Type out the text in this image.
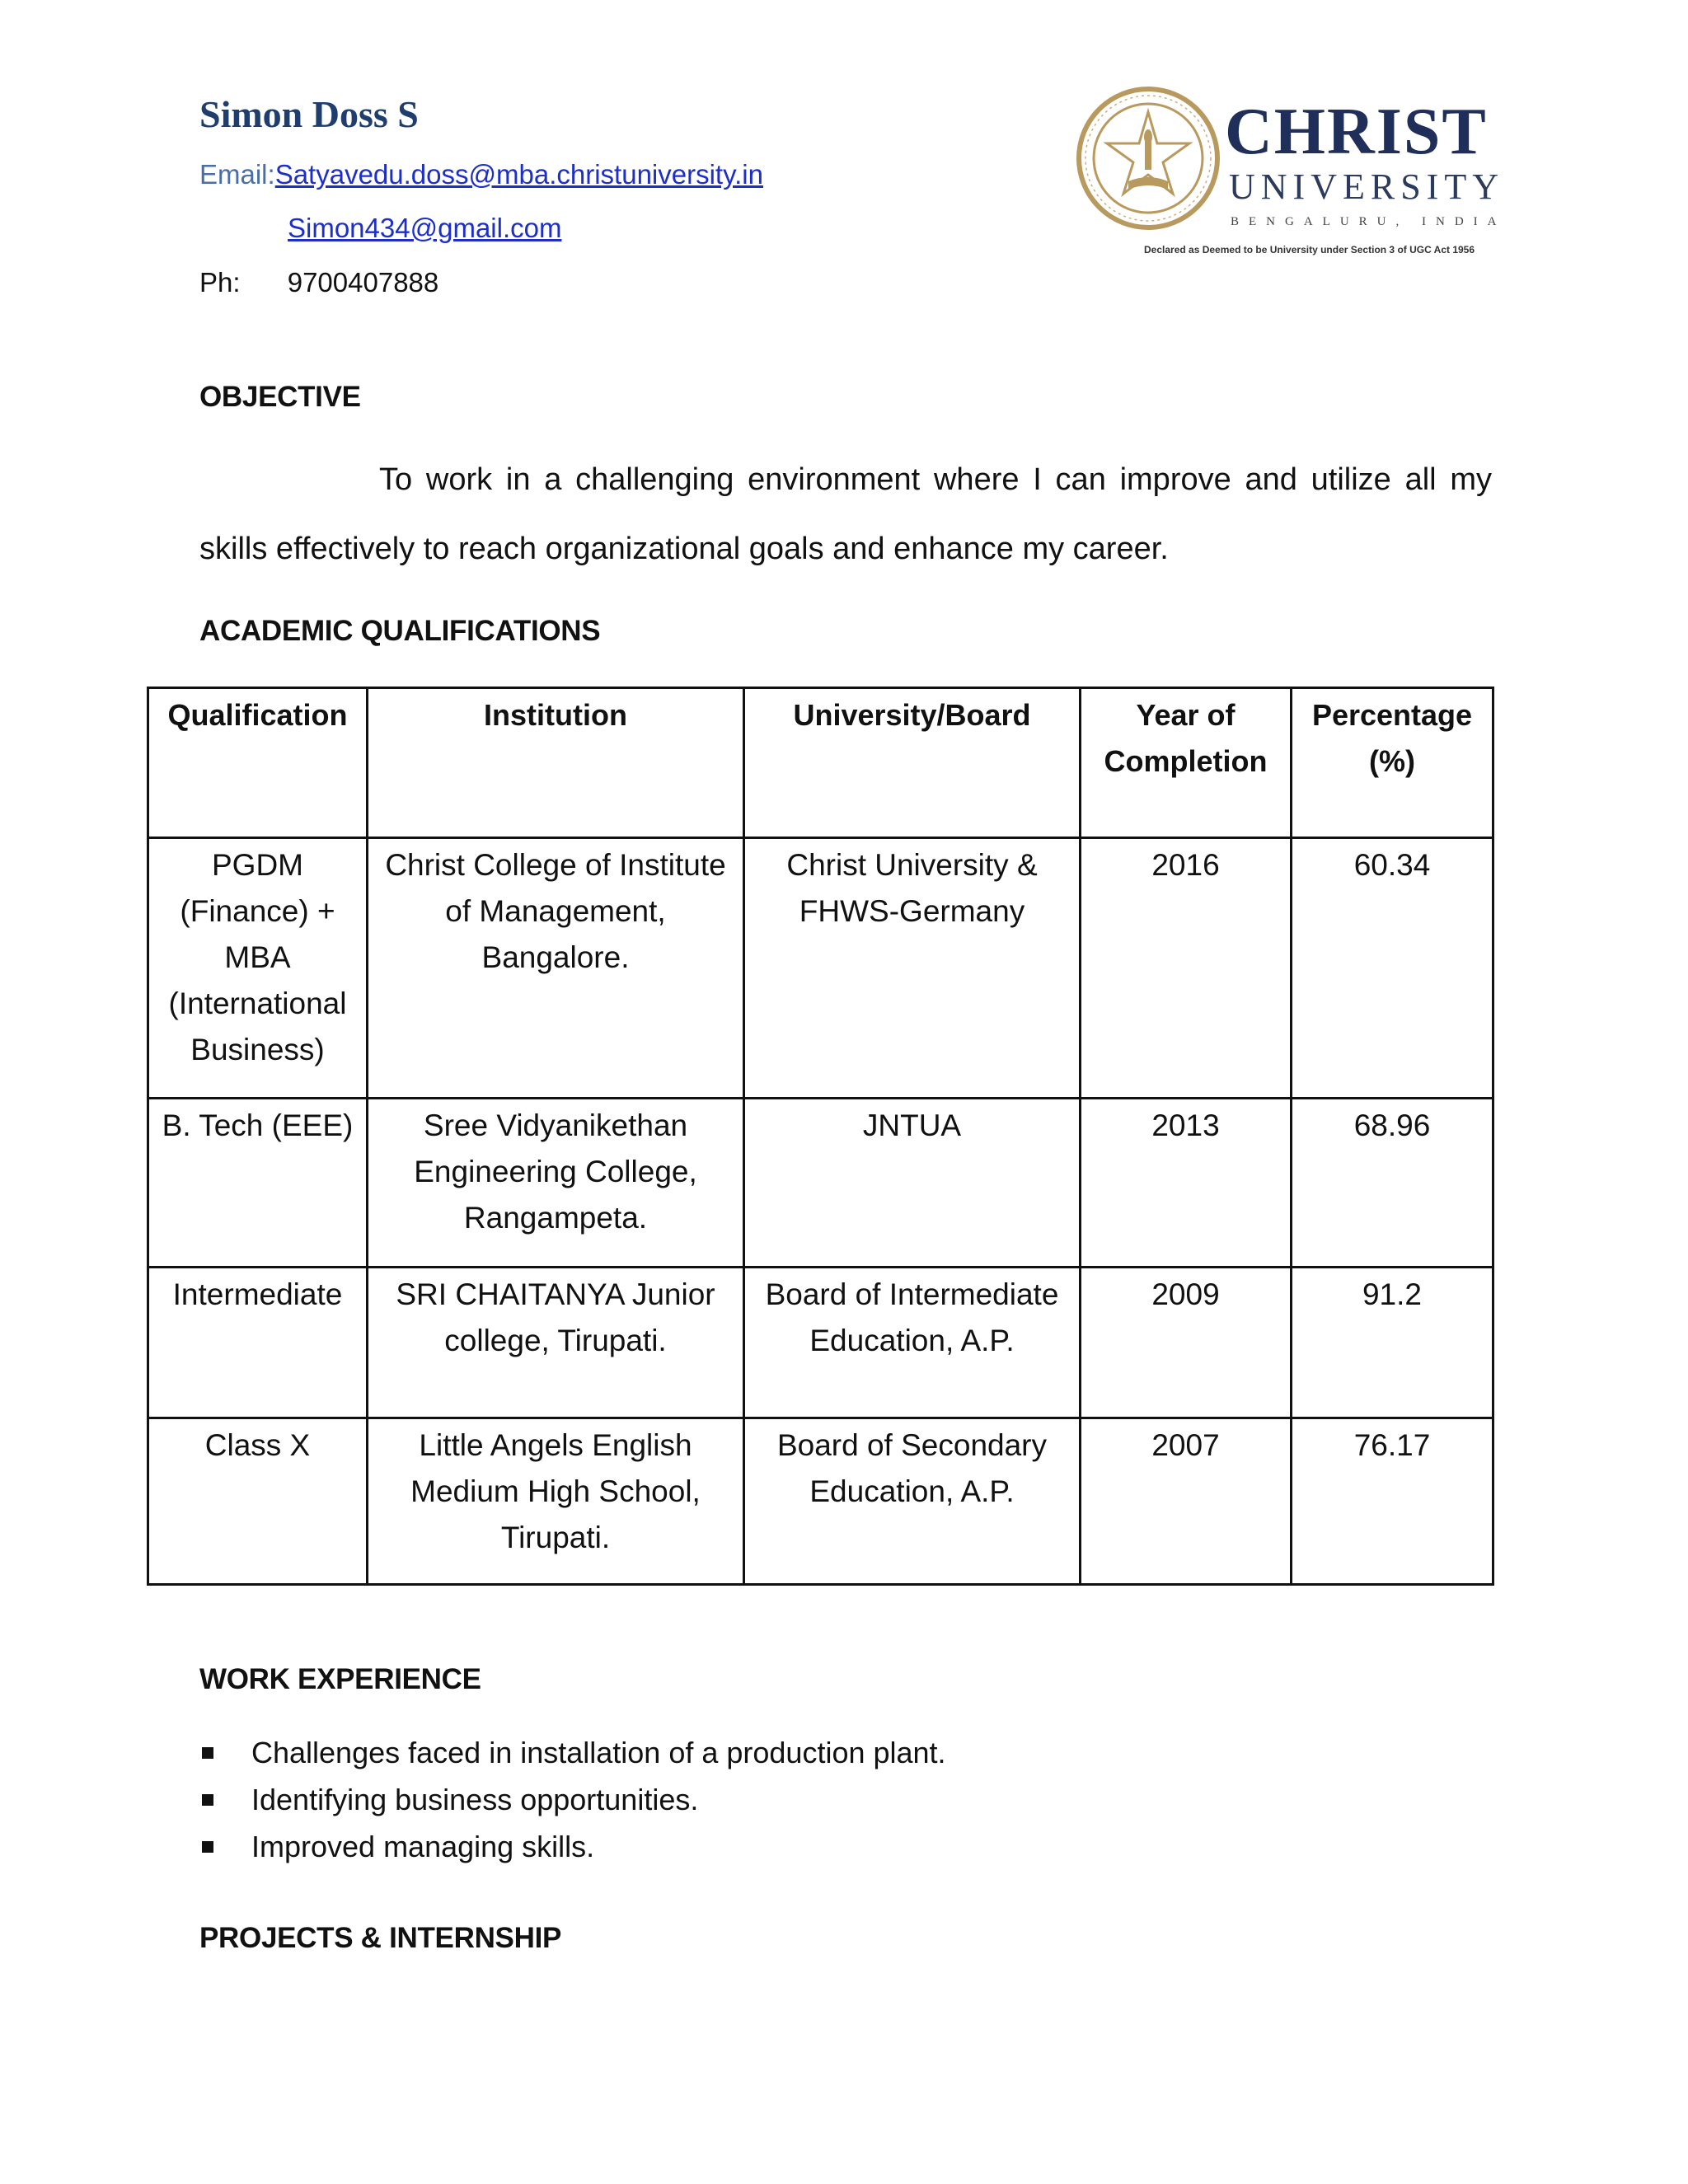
Simon Doss S
Email:Satyavedu.doss@mba.christuniversity.in
Simon434@gmail.com
Ph: 9700407888
CHRIST
UNIVERSITY
BENGALURU, INDIA
Declared as Deemed to be University under Section 3 of UGC Act 1956
OBJECTIVE
To work in a challenging environment where I can improve and utilize all my skills effectively to reach organizational goals and enhance my career.
ACADEMIC QUALIFICATIONS
Qualification	Institution	University/Board	Year of Completion	Percentage (%)
PGDM (Finance) + MBA (International Business)	Christ College of Institute of Management, Bangalore.	Christ University & FHWS-Germany	2016	60.34
B. Tech (EEE)	Sree Vidyanikethan Engineering College, Rangampeta.	JNTUA	2013	68.96
Intermediate	SRI CHAITANYA Junior college, Tirupati.	Board of Intermediate Education, A.P.	2009	91.2
Class X	Little Angels English Medium High School, Tirupati.	Board of Secondary Education, A.P.	2007	76.17
WORK EXPERIENCE
Challenges faced in installation of a production plant.
Identifying business opportunities.
Improved managing skills.
PROJECTS & INTERNSHIP
